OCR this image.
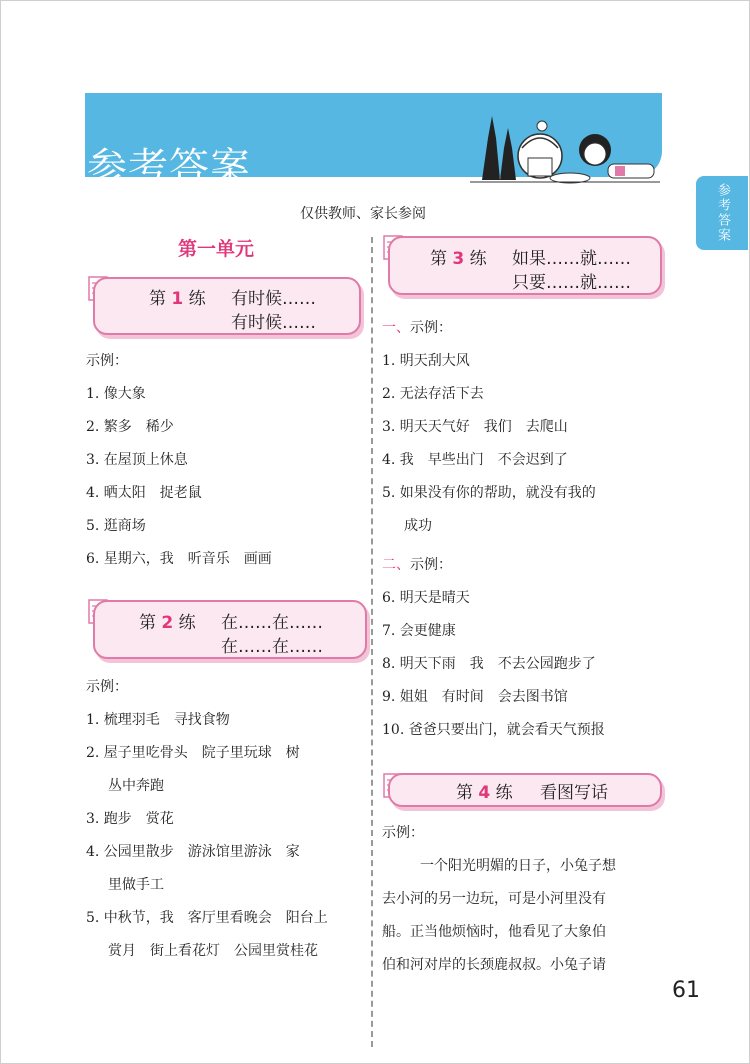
参考答案
参考答案
仅供教师、家长参阅
第一单元
第 1 练 有时候……
有时候……
示例：
1. 像大象
2. 繁多　稀少
3. 在屋顶上休息
4. 晒太阳　捉老鼠
5. 逛商场
6. 星期六，我　听音乐　画画
第 2 练 在……在……
在……在……
示例：
1. 梳理羽毛　寻找食物
2. 屋子里吃骨头　院子里玩球　树
丛中奔跑
3. 跑步　赏花
4. 公园里散步　游泳馆里游泳　家
里做手工
5. 中秋节，我　客厅里看晚会　阳台上
赏月　街上看花灯　公园里赏桂花
第 3 练 如果……就……
只要……就……
一、示例：
1. 明天刮大风
2. 无法存活下去
3. 明天天气好　我们　去爬山
4. 我　早些出门　不会迟到了
5. 如果没有你的帮助，就没有我的
成功
二、示例：
6. 明天是晴天
7. 会更健康
8. 明天下雨　我　不去公园跑步了
9. 姐姐　有时间　会去图书馆
10. 爸爸只要出门，就会看天气预报
第 4 练 看图写话
示例：
一个阳光明媚的日子，小兔子想
去小河的另一边玩，可是小河里没有
船。正当他烦恼时，他看见了大象伯
伯和河对岸的长颈鹿叔叔。小兔子请
61
